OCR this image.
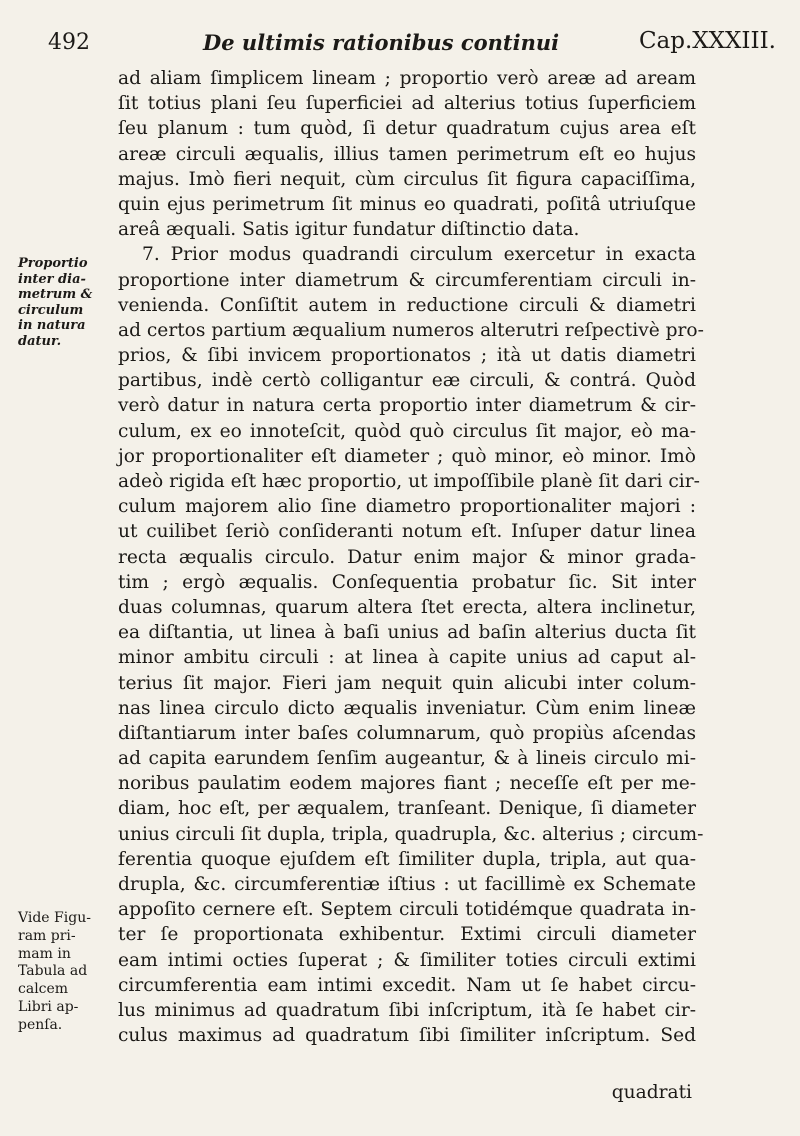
492	De ultimis rationibus continui	Cap.XXXIII.
Proportio
inter dia-
metrum &
circulum
in natura
datur.
Vide Figu-
ram pri-
mam in
Tabula ad
calcem
Libri ap-
penſa.
ad aliam ſimplicem lineam ; proportio verò areæ ad aream
ſit totius plani ſeu ſuperficiei ad alterius totius ſuperficiem
ſeu planum : tum quòd, ſi detur quadratum cujus area eſt
areæ circuli æqualis, illius tamen perimetrum eſt eo hujus
majus. Imò fieri nequit, cùm circulus ſit figura capaciſſima,
quin ejus perimetrum ſit minus eo quadrati, poſitâ utriuſque
areâ æquali. Satis igitur fundatur diſtinctio data.
7. Prior modus quadrandi circulum exercetur in exacta
proportione inter diametrum & circumferentiam circuli in-
venienda. Conſiſtit autem in reductione circuli & diametri
ad certos partium æqualium numeros alterutri reſpectivè pro-
prios, & ſibi invicem proportionatos ; ità ut datis diametri
partibus, indè certò colligantur eæ circuli, & contrá. Quòd
verò datur in natura certa proportio inter diametrum & cir-
culum, ex eo innoteſcit, quòd quò circulus ſit major, eò ma-
jor proportionaliter eſt diameter ; quò minor, eò minor. Imò
adeò rigida eſt hæc proportio, ut impoſſibile planè ſit dari cir-
culum majorem alio ſine diametro proportionaliter majori :
ut cuilibet ſeriò conſideranti notum eſt. Inſuper datur linea
recta æqualis circulo. Datur enim major & minor grada-
tim ; ergò æqualis. Conſequentia probatur ſic. Sit inter
duas columnas, quarum altera ſtet erecta, altera inclinetur,
ea diſtantia, ut linea à baſi unius ad baſin alterius ducta ſit
minor ambitu circuli : at linea à capite unius ad caput al-
terius ſit major. Fieri jam nequit quin alicubi inter colum-
nas linea circulo dicto æqualis inveniatur. Cùm enim lineæ
diſtantiarum inter baſes columnarum, quò propiùs aſcendas
ad capita earundem ſenſim augeantur, & à lineis circulo mi-
noribus paulatim eodem majores fiant ; neceſſe eſt per me-
diam, hoc eſt, per æqualem, tranſeant. Denique, ſi diameter
unius circuli ſit dupla, tripla, quadrupla, &c. alterius ; circum-
ferentia quoque ejuſdem eſt ſimiliter dupla, tripla, aut qua-
drupla, &c. circumferentiæ iſtius : ut facillimè ex Schemate
appoſito cernere eſt. Septem circuli totidémque quadrata in-
ter ſe proportionata exhibentur. Extimi circuli diameter
eam intimi octies ſuperat ; & ſimiliter toties circuli extimi
circumferentia eam intimi excedit. Nam ut ſe habet circu-
lus minimus ad quadratum ſibi inſcriptum, ità ſe habet cir-
culus maximus ad quadratum ſibi ſimiliter inſcriptum. Sed
quadrati
